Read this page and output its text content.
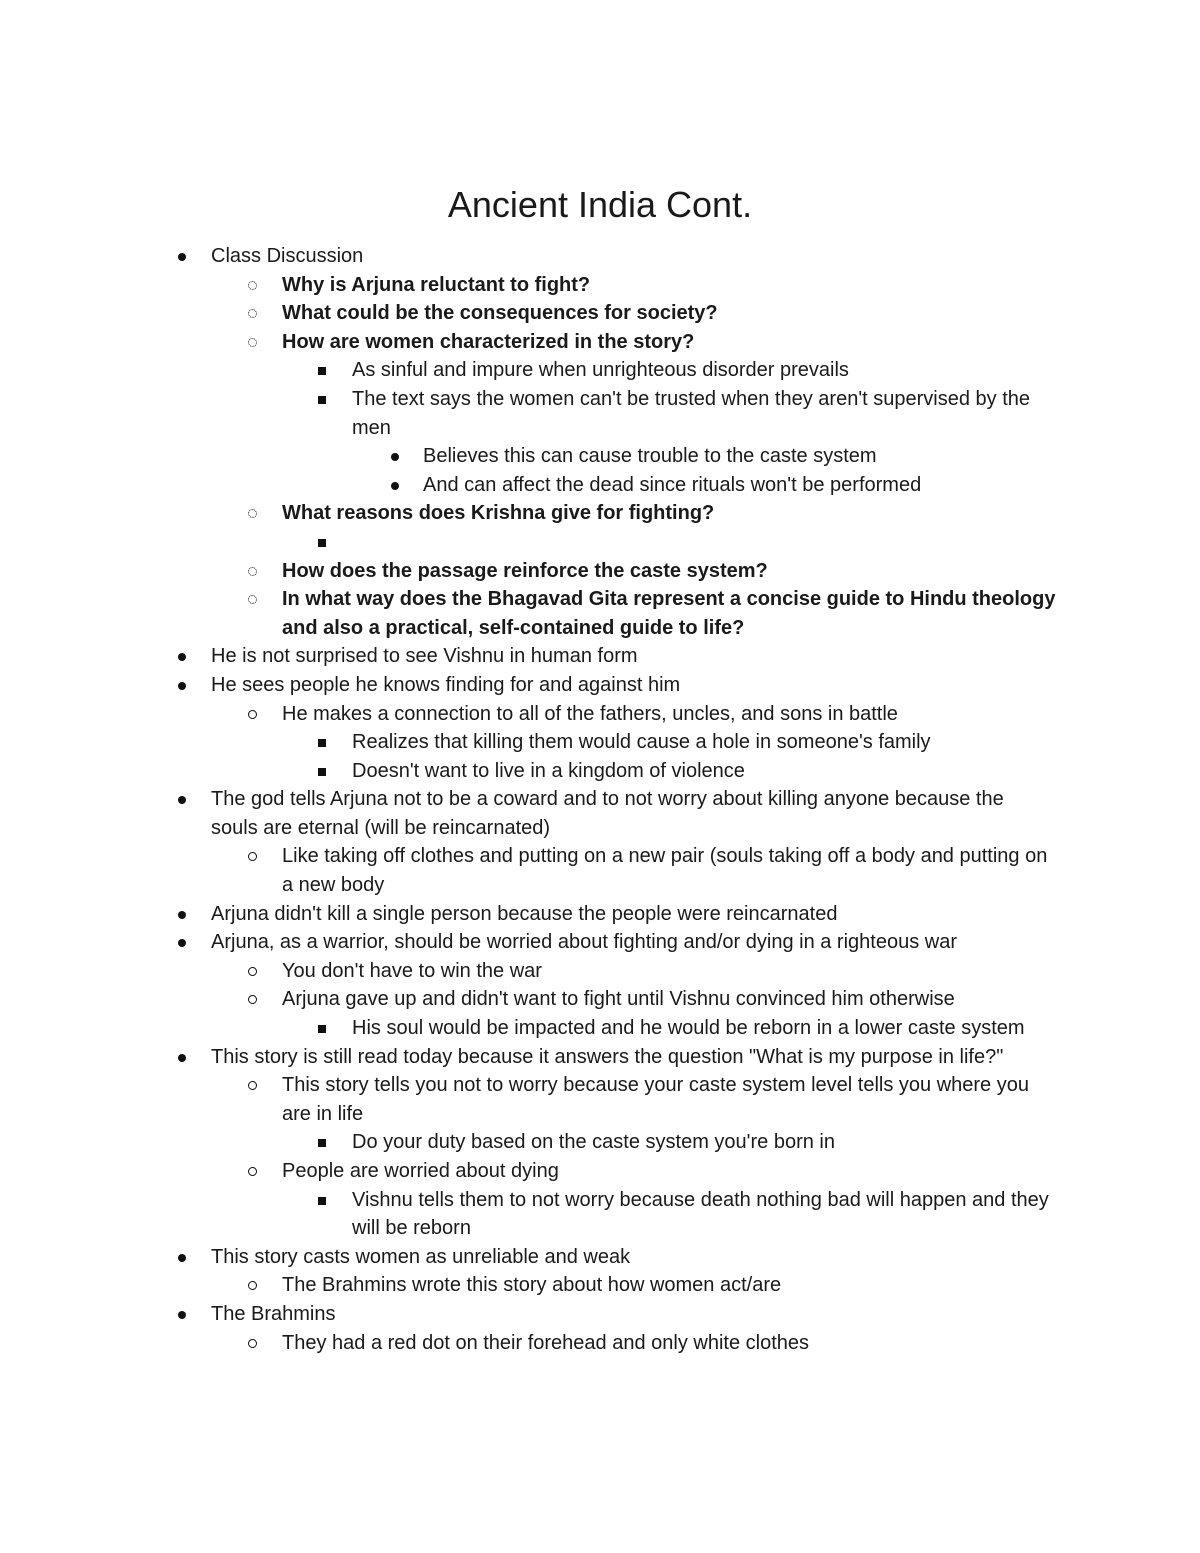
Ancient India Cont.
Class Discussion
Why is Arjuna reluctant to fight?
What could be the consequences for society?
How are women characterized in the story?
As sinful and impure when unrighteous disorder prevails
The text says the women can't be trusted when they aren't supervised by the men
Believes this can cause trouble to the caste system
And can affect the dead since rituals won't be performed
What reasons does Krishna give for fighting?

How does the passage reinforce the caste system?
In what way does the Bhagavad Gita represent a concise guide to Hindu theology and also a practical, self-contained guide to life?
He is not surprised to see Vishnu in human form
He sees people he knows finding for and against him
He makes a connection to all of the fathers, uncles, and sons in battle
Realizes that killing them would cause a hole in someone's family
Doesn't want to live in a kingdom of violence
The god tells Arjuna not to be a coward and to not worry about killing anyone because the souls are eternal (will be reincarnated)
Like taking off clothes and putting on a new pair (souls taking off a body and putting on a new body
Arjuna didn't kill a single person because the people were reincarnated
Arjuna, as a warrior, should be worried about fighting and/or dying in a righteous war
You don't have to win the war
Arjuna gave up and didn't want to fight until Vishnu convinced him otherwise
His soul would be impacted and he would be reborn in a lower caste system
This story is still read today because it answers the question "What is my purpose in life?"
This story tells you not to worry because your caste system level tells you where you are in life
Do your duty based on the caste system you're born in
People are worried about dying
Vishnu tells them to not worry because death nothing bad will happen and they will be reborn
This story casts women as unreliable and weak
The Brahmins wrote this story about how women act/are
The Brahmins
They had a red dot on their forehead and only white clothes
